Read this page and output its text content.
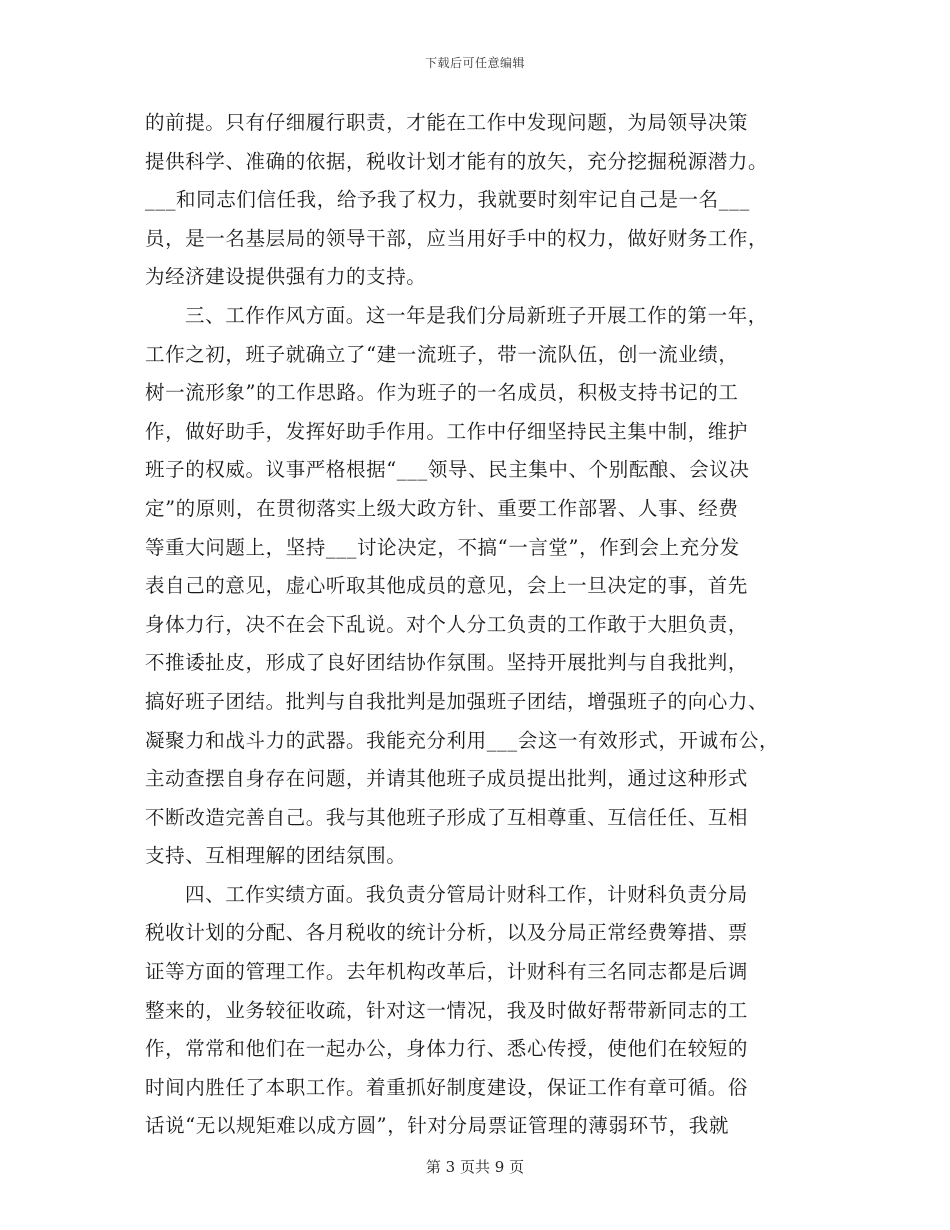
下载后可任意编辑
的前提。只有仔细履行职责，才能在工作中发现问题，为局领导决策
提供科学、准确的依据，税收计划才能有的放矢，充分挖掘税源潜力。
___和同志们信任我，给予我了权力，我就要时刻牢记自己是一名___
员，是一名基层局的领导干部，应当用好手中的权力，做好财务工作，
为经济建设提供强有力的支持。
三、工作作风方面。这一年是我们分局新班子开展工作的第一年，
工作之初，班子就确立了“建一流班子，带一流队伍，创一流业绩，
树一流形象”的工作思路。作为班子的一名成员，积极支持书记的工
作，做好助手，发挥好助手作用。工作中仔细坚持民主集中制，维护
班子的权威。议事严格根据“___领导、民主集中、个别酝酿、会议决
定”的原则，在贯彻落实上级大政方针、重要工作部署、人事、经费
等重大问题上，坚持___讨论决定，不搞“一言堂”，作到会上充分发
表自己的意见，虚心听取其他成员的意见，会上一旦决定的事，首先
身体力行，决不在会下乱说。对个人分工负责的工作敢于大胆负责，
不推诿扯皮，形成了良好团结协作氛围。坚持开展批判与自我批判，
搞好班子团结。批判与自我批判是加强班子团结，增强班子的向心力、
凝聚力和战斗力的武器。我能充分利用___会这一有效形式，开诚布公，
主动查摆自身存在问题，并请其他班子成员提出批判，通过这种形式
不断改造完善自己。我与其他班子形成了互相尊重、互信任任、互相
支持、互相理解的团结氛围。
四、工作实绩方面。我负责分管局计财科工作，计财科负责分局
税收计划的分配、各月税收的统计分析，以及分局正常经费筹措、票
证等方面的管理工作。去年机构改革后，计财科有三名同志都是后调
整来的，业务较征收疏，针对这一情况，我及时做好帮带新同志的工
作，常常和他们在一起办公，身体力行、悉心传授，使他们在较短的
时间内胜任了本职工作。着重抓好制度建设，保证工作有章可循。俗
话说“无以规矩难以成方圆”，针对分局票证管理的薄弱环节，我就
第 3 页共 9 页
